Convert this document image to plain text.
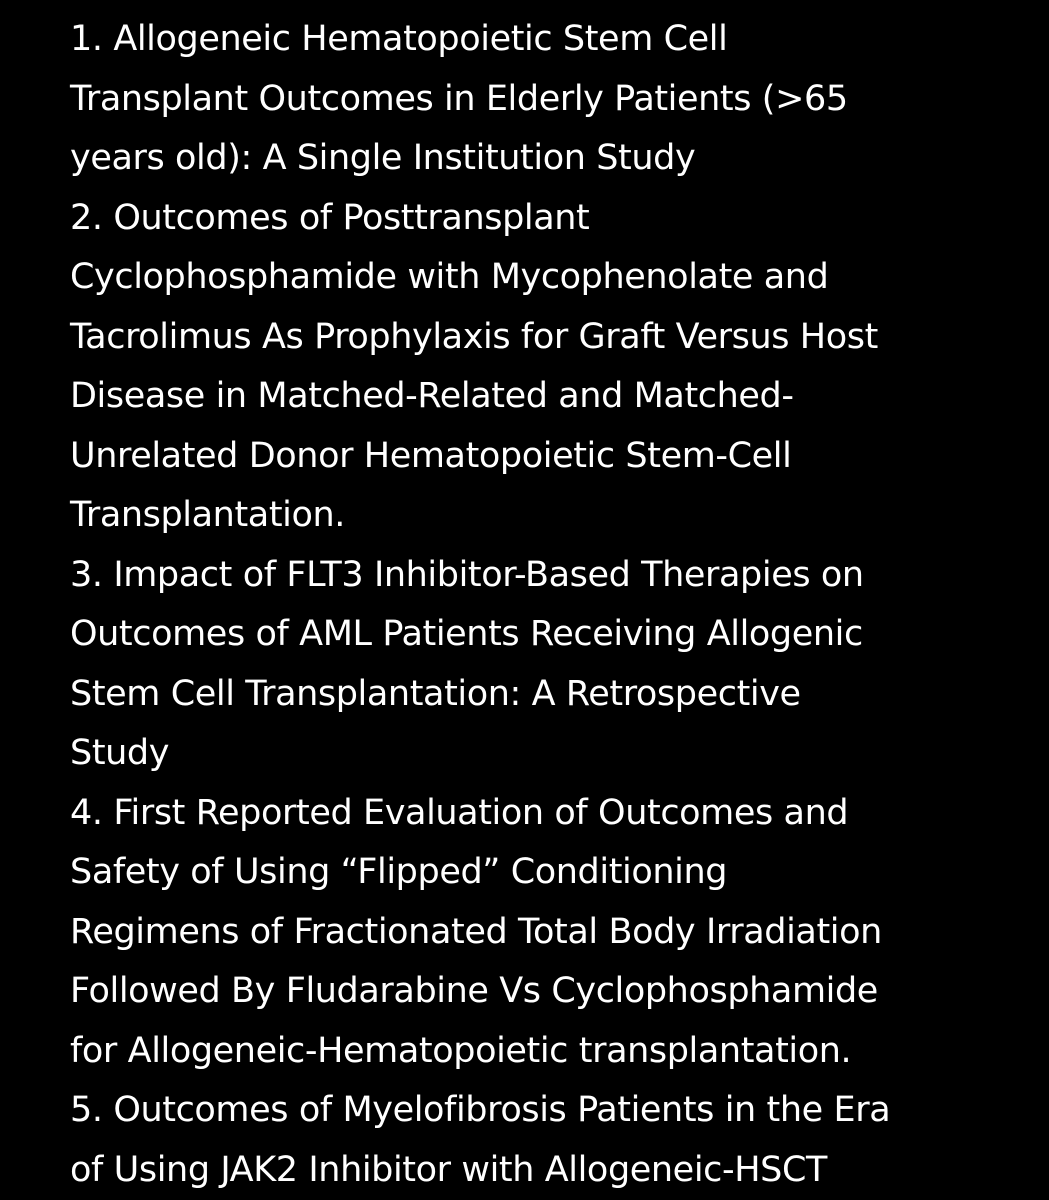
1. Allogeneic Hematopoietic Stem Cell
Transplant Outcomes in Elderly Patients (>65
years old): A Single Institution Study
2. Outcomes of Posttransplant
Cyclophosphamide with Mycophenolate and
Tacrolimus As Prophylaxis for Graft Versus Host
Disease in Matched-Related and Matched-
Unrelated Donor Hematopoietic Stem-Cell
Transplantation.
3. Impact of FLT3 Inhibitor-Based Therapies on
Outcomes of AML Patients Receiving Allogenic
Stem Cell Transplantation: A Retrospective
Study
4. First Reported Evaluation of Outcomes and
Safety of Using “Flipped” Conditioning
Regimens of Fractionated Total Body Irradiation
Followed By Fludarabine Vs Cyclophosphamide
for Allogeneic-Hematopoietic transplantation.
5. Outcomes of Myelofibrosis Patients in the Era
of Using JAK2 Inhibitor with Allogeneic-HSCT
